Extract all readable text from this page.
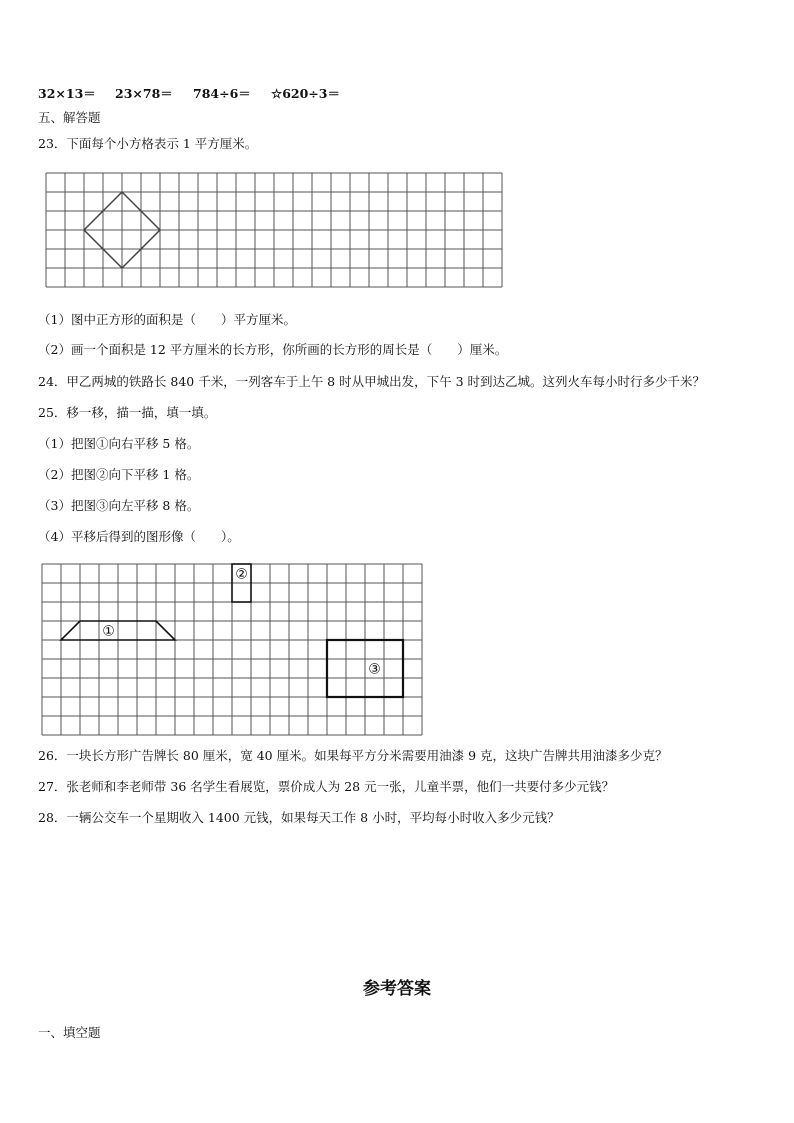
32×13＝ 23×78＝ 784÷6＝ ☆620÷3＝
五、解答题
23．下面每个小方格表示 1 平方厘米。
（1）图中正方形的面积是（　　）平方厘米。
（2）画一个面积是 12 平方厘米的长方形，你所画的长方形的周长是（　　）厘米。
24．甲乙两城的铁路长 840 千米，一列客车于上午 8 时从甲城出发，下午 3 时到达乙城。这列火车每小时行多少千米？
25．移一移，描一描，填一填。
（1）把图①向右平移 5 格。
（2）把图②向下平移 1 格。
（3）把图③向左平移 8 格。
（4）平移后得到的图形像（　　）。
①
②
③
26．一块长方形广告牌长 80 厘米，宽 40 厘米。如果每平方分米需要用油漆 9 克，这块广告牌共用油漆多少克？
27．张老师和李老师带 36 名学生看展览，票价成人为 28 元一张，儿童半票，他们一共要付多少元钱？
28．一辆公交车一个星期收入 1400 元钱，如果每天工作 8 小时，平均每小时收入多少元钱？
参考答案
一、填空题
